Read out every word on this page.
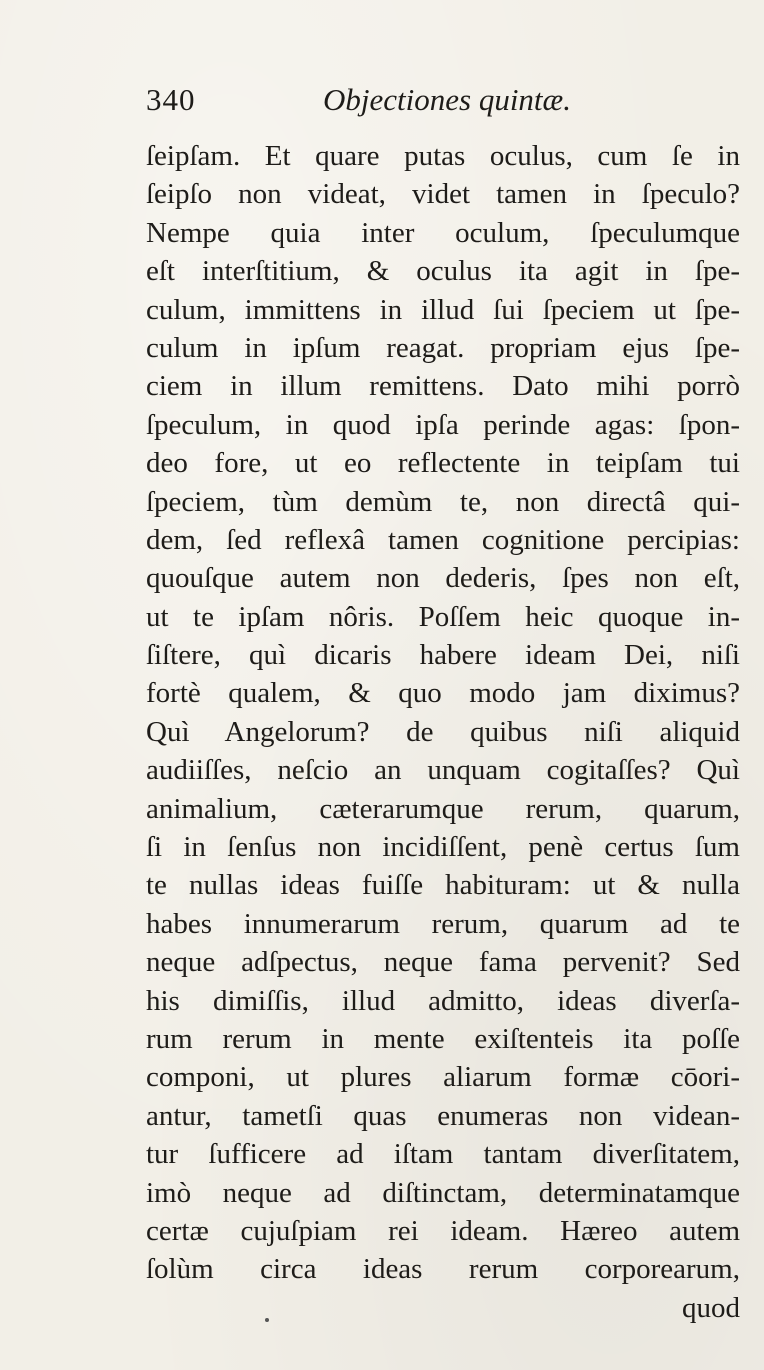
340	Objectiones quintæ.
ſeipſam. Et quare putas oculus, cum ſe in
ſeipſo non videat, videt tamen in ſpeculo?
Nempe quia inter oculum, ſpeculumque
eſt interſtitium, & oculus ita agit in ſpe-
culum, immittens in illud ſui ſpeciem ut ſpe-
culum in ipſum reagat. propriam ejus ſpe-
ciem in illum remittens. Dato mihi porrò
ſpeculum, in quod ipſa perinde agas: ſpon-
deo fore, ut eo reflectente in teipſam tui
ſpeciem, tùm demùm te, non directâ qui-
dem, ſed reflexâ tamen cognitione percipias:
quouſque autem non dederis, ſpes non eſt,
ut te ipſam nôris. Poſſem heic quoque in-
ſiſtere, quì dicaris habere ideam Dei, niſi
fortè qualem, & quo modo jam diximus?
Quì Angelorum? de quibus niſi aliquid
audiiſſes, neſcio an unquam cogitaſſes? Quì
animalium, cæterarumque rerum, quarum,
ſi in ſenſus non incidiſſent, penè certus ſum
te nullas ideas fuiſſe habituram: ut & nulla
habes innumerarum rerum, quarum ad te
neque adſpectus, neque fama pervenit? Sed
his dimiſſis, illud admitto, ideas diverſa-
rum rerum in mente exiſtenteis ita poſſe
componi, ut plures aliarum formæ cōori-
antur, tametſi quas enumeras non videan-
tur ſufficere ad iſtam tantam diverſitatem,
imò neque ad diſtinctam, determinatamque
certæ cujuſpiam rei ideam. Hæreo autem
ſolùm circa ideas rerum corporearum,
quod
